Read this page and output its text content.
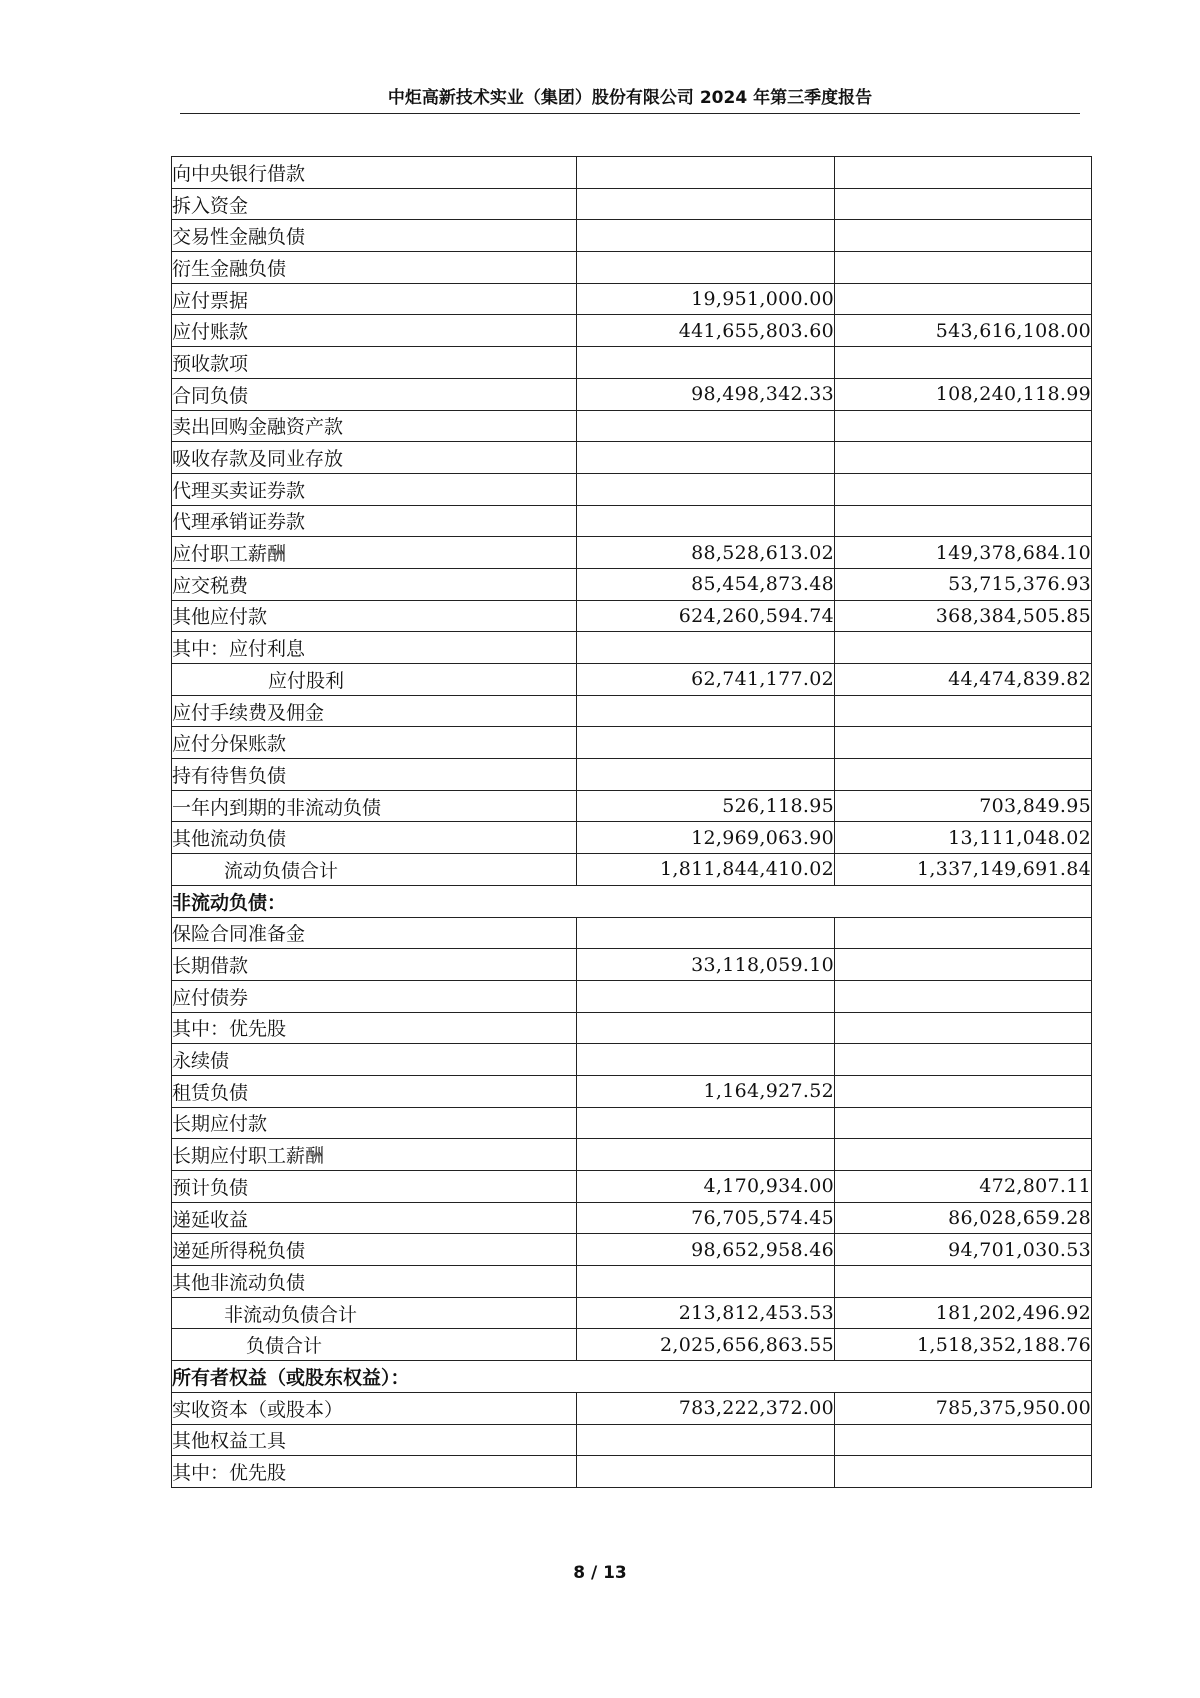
中炬高新技术实业（集团）股份有限公司 2024 年第三季度报告
向中央银行借款		
拆入资金		
交易性金融负债		
衍生金融负债		
应付票据	19,951,000.00	
应付账款	441,655,803.60	543,616,108.00
预收款项		
合同负债	98,498,342.33	108,240,118.99
卖出回购金融资产款		
吸收存款及同业存放		
代理买卖证券款		
代理承销证券款		
应付职工薪酬	88,528,613.02	149,378,684.10
应交税费	85,454,873.48	53,715,376.93
其他应付款	624,260,594.74	368,384,505.85
其中：应付利息		
应付股利	62,741,177.02	44,474,839.82
应付手续费及佣金		
应付分保账款		
持有待售负债		
一年内到期的非流动负债	526,118.95	703,849.95
其他流动负债	12,969,063.90	13,111,048.02
流动负债合计	1,811,844,410.02	1,337,149,691.84
非流动负债：		
保险合同准备金		
长期借款	33,118,059.10	
应付债券		
其中：优先股		
永续债		
租赁负债	1,164,927.52	
长期应付款		
长期应付职工薪酬		
预计负债	4,170,934.00	472,807.11
递延收益	76,705,574.45	86,028,659.28
递延所得税负债	98,652,958.46	94,701,030.53
其他非流动负债		
非流动负债合计	213,812,453.53	181,202,496.92
负债合计	2,025,656,863.55	1,518,352,188.76
所有者权益（或股东权益）：		
实收资本（或股本）	783,222,372.00	785,375,950.00
其他权益工具		
其中：优先股		
8 / 13
